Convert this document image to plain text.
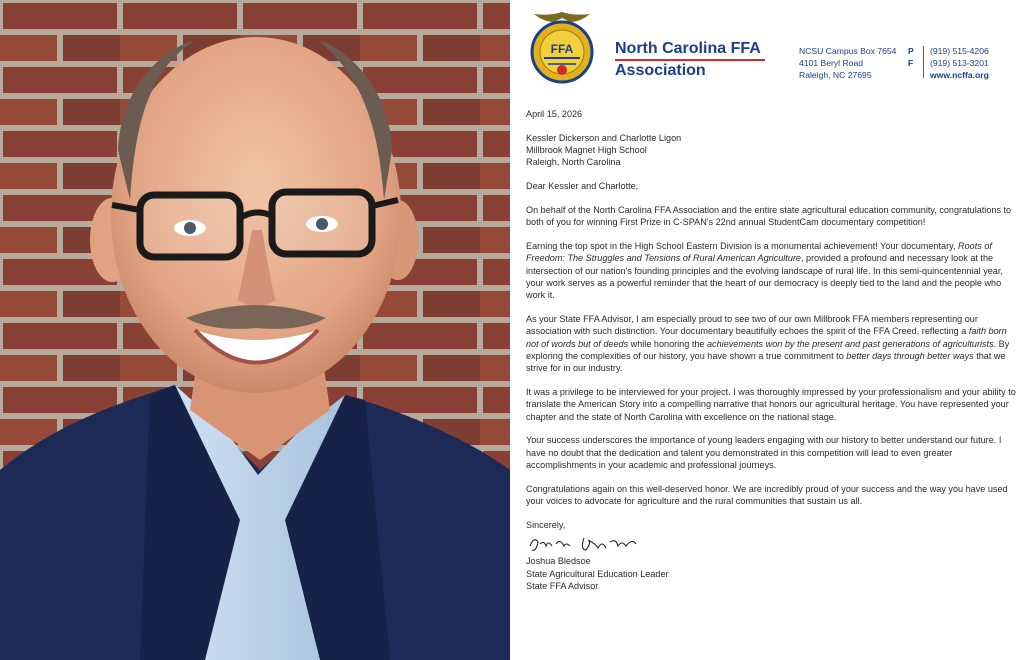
FFA	North Carolina FFA
Association
NCSU Campus Box 7654
4101 Beryl Road
Raleigh, NC 27695
P
F
(919) 515-4206
(919) 513-3201
www.ncffa.org

April 15, 2026

Kessler Dickerson and Charlotte Ligon
Millbrook Magnet High School
Raleigh, North Carolina

Dear Kessler and Charlotte,

On behalf of the North Carolina FFA Association and the entire state agricultural education community, congratulations to both of you for winning First Prize in C-SPAN's 22nd annual StudentCam documentary competition!

Earning the top spot in the High School Eastern Division is a monumental achievement! Your documentary, Roots of Freedom: The Struggles and Tensions of Rural American Agriculture, provided a profound and necessary look at the intersection of our nation's founding principles and the evolving landscape of rural life. In this semi-quincentennial year, your work serves as a powerful reminder that the heart of our democracy is deeply tied to the land and the people who work it.

As your State FFA Advisor, I am especially proud to see two of our own Millbrook FFA members representing our association with such distinction. Your documentary beautifully echoes the spirit of the FFA Creed, reflecting a faith born not of words but of deeds while honoring the achievements won by the present and past generations of agriculturists. By exploring the complexities of our history, you have shown a true commitment to better days through better ways that we strive for in our industry.

It was a privilege to be interviewed for your project. I was thoroughly impressed by your professionalism and your ability to translate the American Story into a compelling narrative that honors our agricultural heritage. You have represented your chapter and the state of North Carolina with excellence on the national stage.

Your success underscores the importance of young leaders engaging with our history to better understand our future. I have no doubt that the dedication and talent you demonstrated in this competition will lead to even greater accomplishments in your academic and professional journeys.

Congratulations again on this well-deserved honor. We are incredibly proud of your success and the way you have used your voices to advocate for agriculture and the rural communities that sustain us all.

Sincerely,
Joshua Bledsoe
State Agricultural Education Leader
State FFA Advisor
